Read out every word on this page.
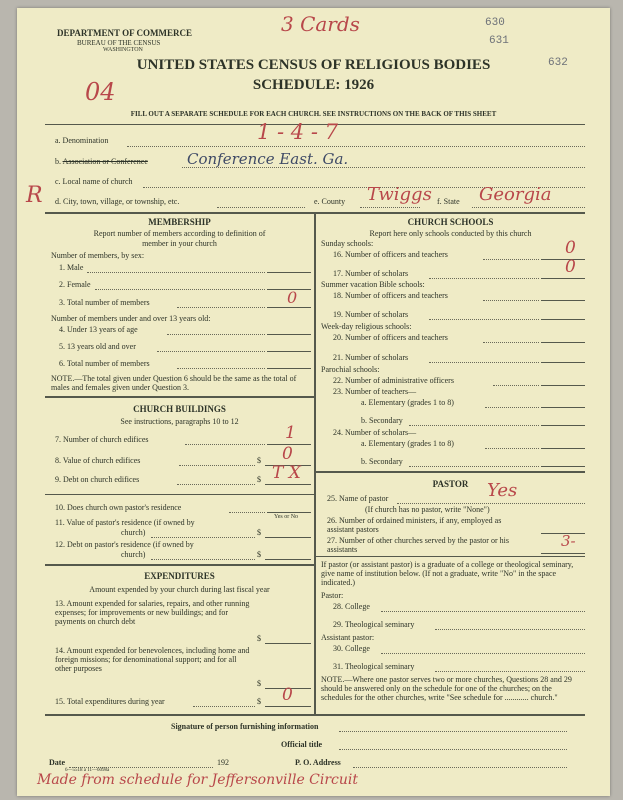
DEPARTMENT OF COMMERCE
BUREAU OF THE CENSUS
WASHINGTON
3 Cards	630
631
632
UNITED STATES CENSUS OF RELIGIOUS BODIES
SCHEDULE: 1926
04
FILL OUT A SEPARATE SCHEDULE FOR EACH CHURCH. SEE INSTRUCTIONS ON THE BACK OF THIS SHEET
a. Denomination	1 - 4 - 7
b. Association or Conference	Conference East. Ga.
c. Local name of church
R d. City, town, village, or township, etc.	e. County Twiggs f. State Georgia
MEMBERSHIP
Report number of members according to definition of
member in your church
Number of members, by sex:
1. Male
2. Female
3. Total number of members	0
Number of members under and over 13 years old:
4. Under 13 years of age
5. 13 years old and over
6. Total number of members
NOTE.—The total given under Question 6 should be the same as the total of males and females given under Question 3.
CHURCH BUILDINGS
See instructions, paragraphs 10 to 12
7. Number of church edifices	1
8. Value of church edifices	$ 0
9. Debt on church edifices	$ T X
10. Does church own pastor's residence
Yes or No
11. Value of pastor's residence (if owned by
church)	$
12. Debt on pastor's residence (if owned by
church)	$
EXPENDITURES
Amount expended by your church during last fiscal year
13. Amount expended for salaries, repairs, and other running expenses; for improvements or new buildings; and for payments on church debt
$
14. Amount expended for benevolences, including home and foreign missions; for denominational support; and for all other purposes
$
15. Total expenditures during year	$ 0
CHURCH SCHOOLS
Report here only schools conducted by this church
Sunday schools:
16. Number of officers and teachers	0
17. Number of scholars	0
Summer vacation Bible schools:
18. Number of officers and teachers
19. Number of scholars
Week-day religious schools:
20. Number of officers and teachers
21. Number of scholars
Parochial schools:
22. Number of administrative officers
23. Number of teachers—
a. Elementary (grades 1 to 8)
b. Secondary
24. Number of scholars—
a. Elementary (grades 1 to 8)
b. Secondary
PASTOR
25. Name of pastor	Yes
(If church has no pastor, write "None")
26. Number of ordained ministers, if any, employed as assistant pastors
27. Number of other churches served by the pastor or his assistants	3-
If pastor (or assistant pastor) is a graduate of a college or theological seminary, give name of institution below. (If not a graduate, write "No" in the space indicated.)
Pastor:
28. College
29. Theological seminary
Assistant pastor:
30. College
31. Theological seminary
NOTE.—Where one pastor serves two or more churches, Questions 28 and 29 should be answered only on the schedule for one of the churches; on the schedules for the other churches, write "See schedule for ............ church."
Signature of person furnishing information
Official title
Date	192	P. O. Address
6—5518 a 11—6098a
Made from schedule for Jeffersonville Circuit
